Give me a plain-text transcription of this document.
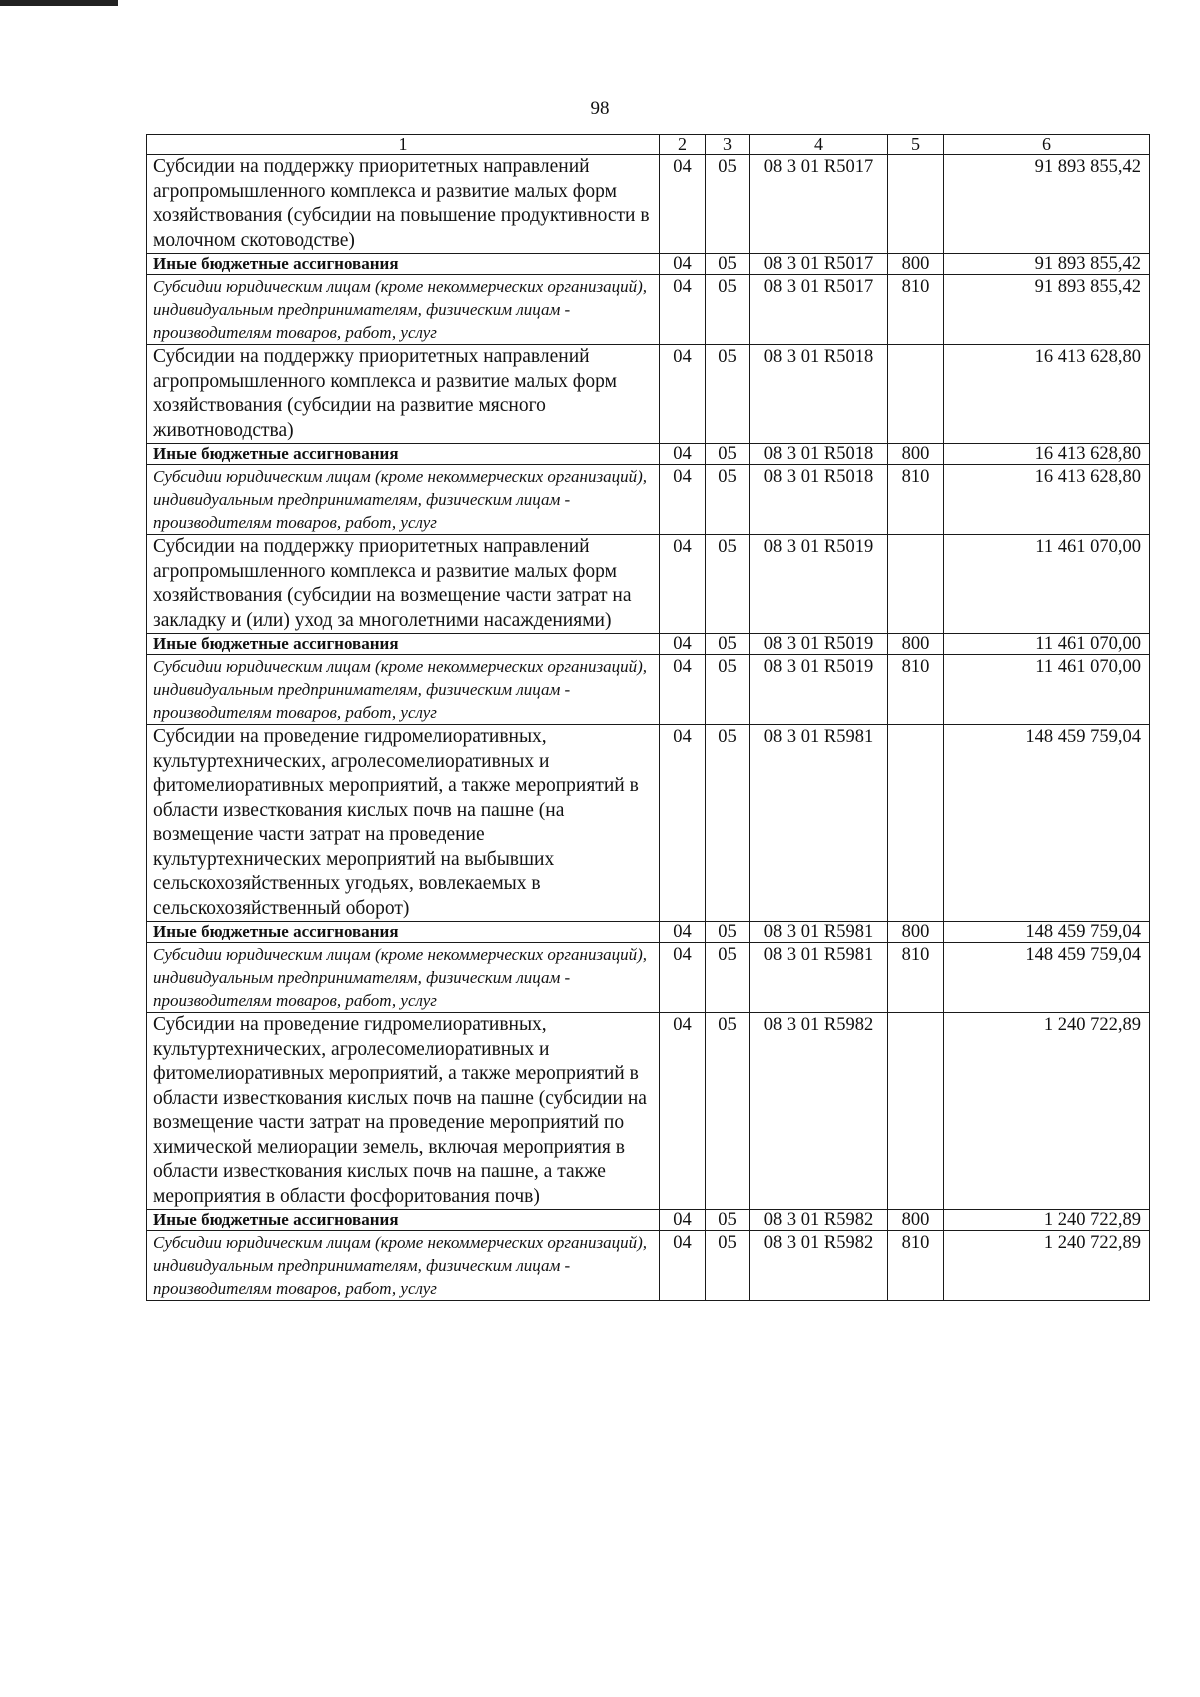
98
1	2	3	4	5	6
Субсидии на поддержку приоритетных направлений агропромышленного комплекса и развитие малых форм хозяйствования (субсидии на повышение продуктивности в молочном скотоводстве)	04	05	08 3 01 R5017		91 893 855,42
Иные бюджетные ассигнования	04	05	08 3 01 R5017	800	91 893 855,42
Субсидии юридическим лицам (кроме некоммерческих организаций), индивидуальным предпринимателям, физическим лицам - производителям товаров, работ, услуг	04	05	08 3 01 R5017	810	91 893 855,42
Субсидии на поддержку приоритетных направлений агропромышленного комплекса и развитие малых форм хозяйствования (субсидии на развитие мясного животноводства)	04	05	08 3 01 R5018		16 413 628,80
Иные бюджетные ассигнования	04	05	08 3 01 R5018	800	16 413 628,80
Субсидии юридическим лицам (кроме некоммерческих организаций), индивидуальным предпринимателям, физическим лицам - производителям товаров, работ, услуг	04	05	08 3 01 R5018	810	16 413 628,80
Субсидии на поддержку приоритетных направлений агропромышленного комплекса и развитие малых форм хозяйствования (субсидии на возмещение части затрат на закладку и (или) уход за многолетними насаждениями)	04	05	08 3 01 R5019		11 461 070,00
Иные бюджетные ассигнования	04	05	08 3 01 R5019	800	11 461 070,00
Субсидии юридическим лицам (кроме некоммерческих организаций), индивидуальным предпринимателям, физическим лицам - производителям товаров, работ, услуг	04	05	08 3 01 R5019	810	11 461 070,00
Субсидии на проведение гидромелиоративных, культуртехнических, агролесомелиоративных и фитомелиоративных мероприятий, а также мероприятий в области известкования кислых почв на пашне (на возмещение части затрат на проведение культуртехнических мероприятий на выбывших сельскохозяйственных угодьях, вовлекаемых в сельскохозяйственный оборот)	04	05	08 3 01 R5981		148 459 759,04
Иные бюджетные ассигнования	04	05	08 3 01 R5981	800	148 459 759,04
Субсидии юридическим лицам (кроме некоммерческих организаций), индивидуальным предпринимателям, физическим лицам - производителям товаров, работ, услуг	04	05	08 3 01 R5981	810	148 459 759,04
Субсидии на проведение гидромелиоративных, культуртехнических, агролесомелиоративных и фитомелиоративных мероприятий, а также мероприятий в области известкования кислых почв на пашне (субсидии на возмещение части затрат на проведение мероприятий по химической мелиорации земель, включая мероприятия в области известкования кислых почв на пашне, а также мероприятия в области фосфоритования почв)	04	05	08 3 01 R5982		1 240 722,89
Иные бюджетные ассигнования	04	05	08 3 01 R5982	800	1 240 722,89
Субсидии юридическим лицам (кроме некоммерческих организаций), индивидуальным предпринимателям, физическим лицам - производителям товаров, работ, услуг	04	05	08 3 01 R5982	810	1 240 722,89
